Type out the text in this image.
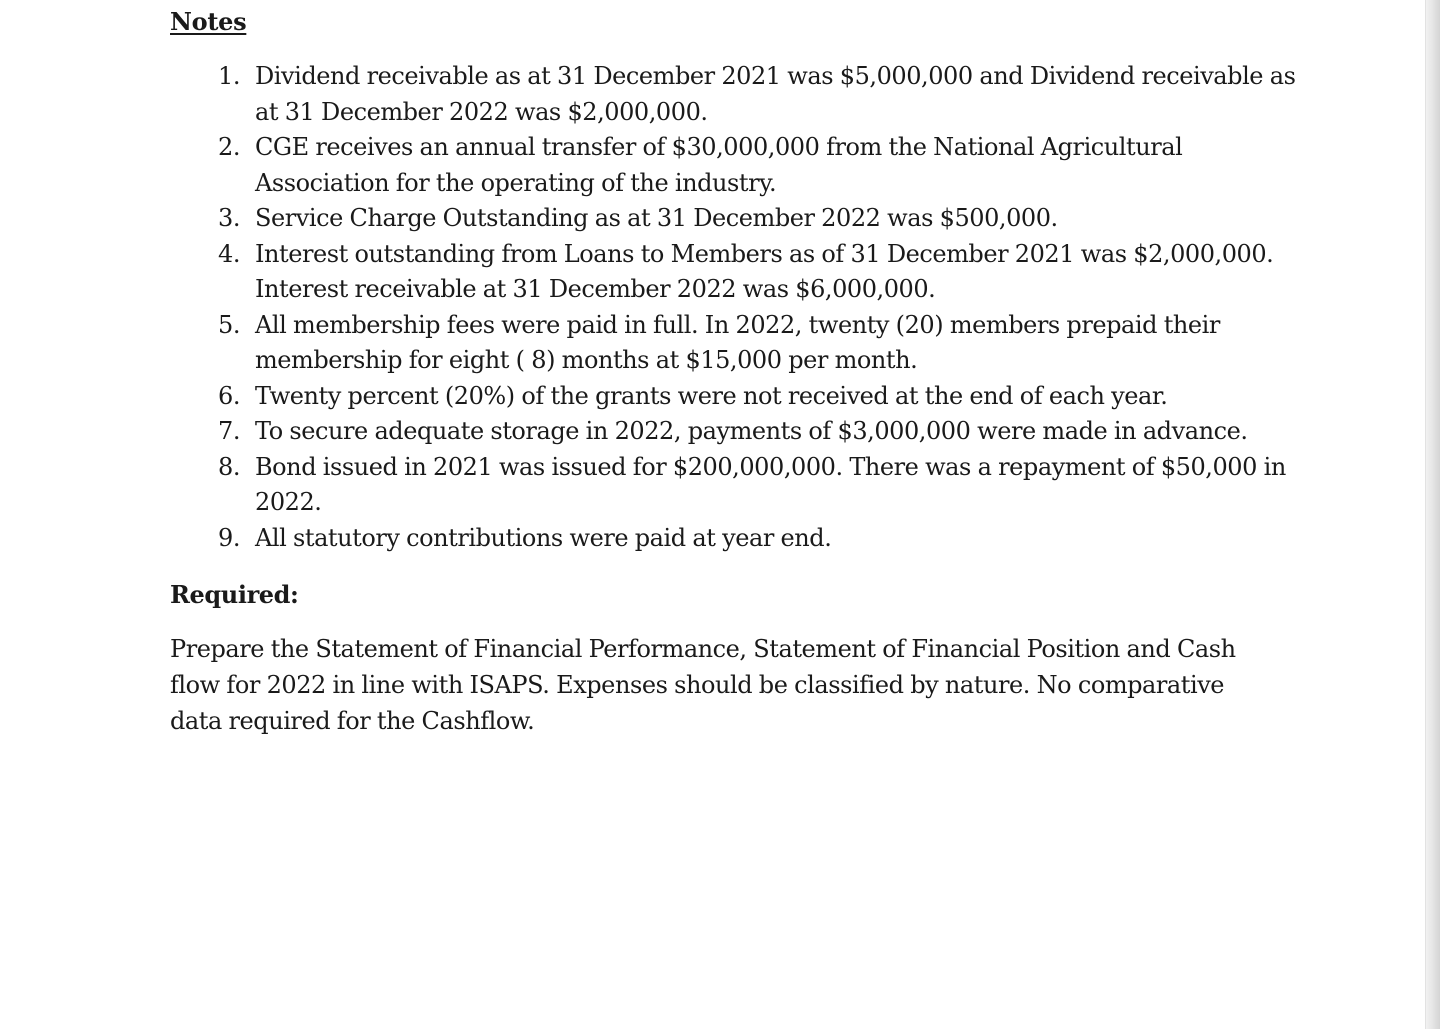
Notes
1. Dividend receivable as at 31 December 2021 was $5,000,000 and Dividend receivable as at 31 December 2022 was $2,000,000.
2. CGE receives an annual transfer of $30,000,000 from the National Agricultural Association for the operating of the industry.
3. Service Charge Outstanding as at 31 December 2022 was $500,000.
4. Interest outstanding from Loans to Members as of 31 December 2021 was $2,000,000. Interest receivable at 31 December 2022 was $6,000,000.
5. All membership fees were paid in full. In 2022, twenty (20) members prepaid their membership for eight ( 8) months at $15,000 per month.
6. Twenty percent (20%) of the grants were not received at the end of each year.
7. To secure adequate storage in 2022, payments of $3,000,000 were made in advance.
8. Bond issued in 2021 was issued for $200,000,000. There was a repayment of $50,000 in 2022.
9. All statutory contributions were paid at year end.
Required:

Prepare the Statement of Financial Performance, Statement of Financial Position and Cash flow for 2022 in line with ISAPS. Expenses should be classified by nature. No comparative data required for the Cashflow.
